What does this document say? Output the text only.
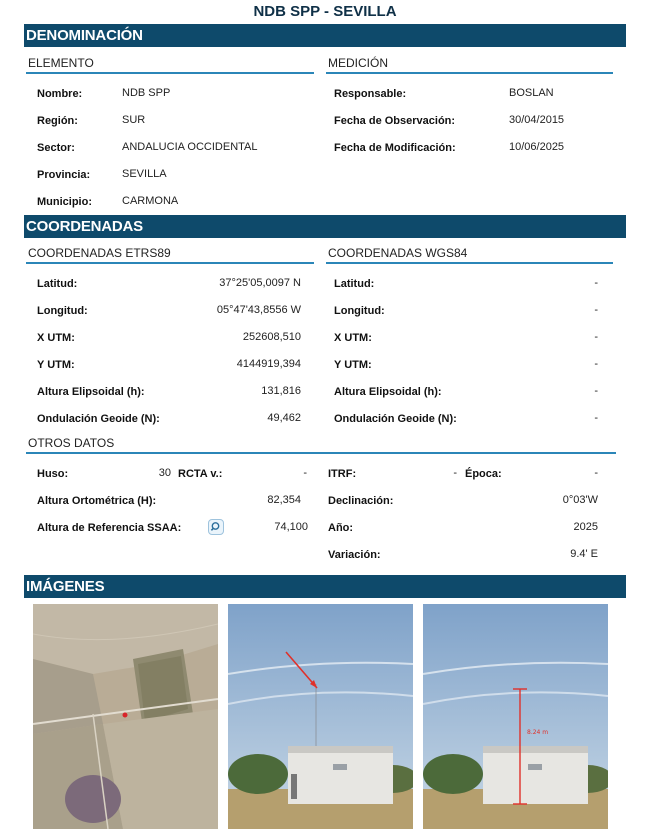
NDB SPP - SEVILLA
DENOMINACIÓN
ELEMENTO	MEDICIÓN
Nombre:	NDB SPP
Región:	SUR
Sector:	ANDALUCIA OCCIDENTAL
Provincia:	SEVILLA
Municipio:	CARMONA
Responsable:	BOSLAN
Fecha de Observación:	30/04/2015
Fecha de Modificación:	10/06/2025
COORDENADAS
COORDENADAS ETRS89	COORDENADAS WGS84
Latitud:	37°25'05,0097 N
Longitud:	05°47'43,8556 W
X UTM:	252608,510
Y UTM:	4144919,394
Altura Elipsoidal (h):	131,816
Ondulación Geoide (N):	49,462
Latitud:	-
Longitud:	-
X UTM:	-
Y UTM:	-
Altura Elipsoidal (h):	-
Ondulación Geoide (N):	-
OTROS DATOS
Huso:	30 RCTA v.:	-
Altura Ortométrica (H):	82,354
Altura de Referencia SSAA:	74,100
ITRF:	- Época:	-
Declinación:	0°03'W
Año:	2025
Variación:	9.4' E
IMÁGENES
8.24 m
